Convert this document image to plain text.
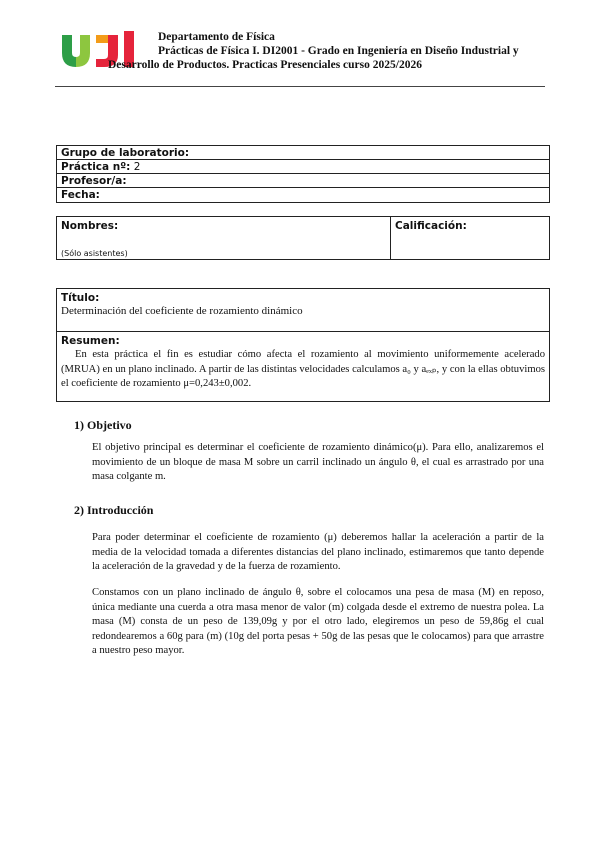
Departamento de Física
Prácticas de Física I. DI2001 - Grado en Ingeniería en Diseño Industrial y
Desarrollo de Productos. Practicas Presenciales curso 2025/2026
Grupo de laboratorio:
Práctica nº: 2
Profesor/a:
Fecha:
Nombres:
(Sólo asistentes)
Calificación:
Título:
Determinación del coeficiente de rozamiento dinámico
Resumen:
En esta práctica el fin es estudiar cómo afecta el rozamiento al movimiento uniformemente acelerado (MRUA) en un plano inclinado. A partir de las distintas velocidades calculamos a₀ y aₑₓₚ, y con la ellas obtuvimos el coeficiente de rozamiento μ=0,243±0,002.
1) Objetivo
El objetivo principal es determinar el coeficiente de rozamiento dinámico(μ). Para ello, analizaremos el movimiento de un bloque de masa M sobre un carril inclinado un ángulo θ, el cual es arrastrado por una masa colgante m.
2) Introducción
Para poder determinar el coeficiente de rozamiento (μ) deberemos hallar la aceleración a partir de la media de la velocidad tomada a diferentes distancias del plano inclinado, estimaremos que tanto depende la aceleración de la gravedad y de la fuerza de rozamiento.
Constamos con un plano inclinado de ángulo θ, sobre el colocamos una pesa de masa (M) en reposo, única mediante una cuerda a otra masa menor de valor (m) colgada desde el extremo de nuestra polea. La masa (M) consta de un peso de 139,09g y por el otro lado, elegiremos un peso de 59,86g el cual redondearemos a 60g para (m) (10g del porta pesas + 50g de las pesas que le colocamos) para que arrastre a nuestro peso mayor.
